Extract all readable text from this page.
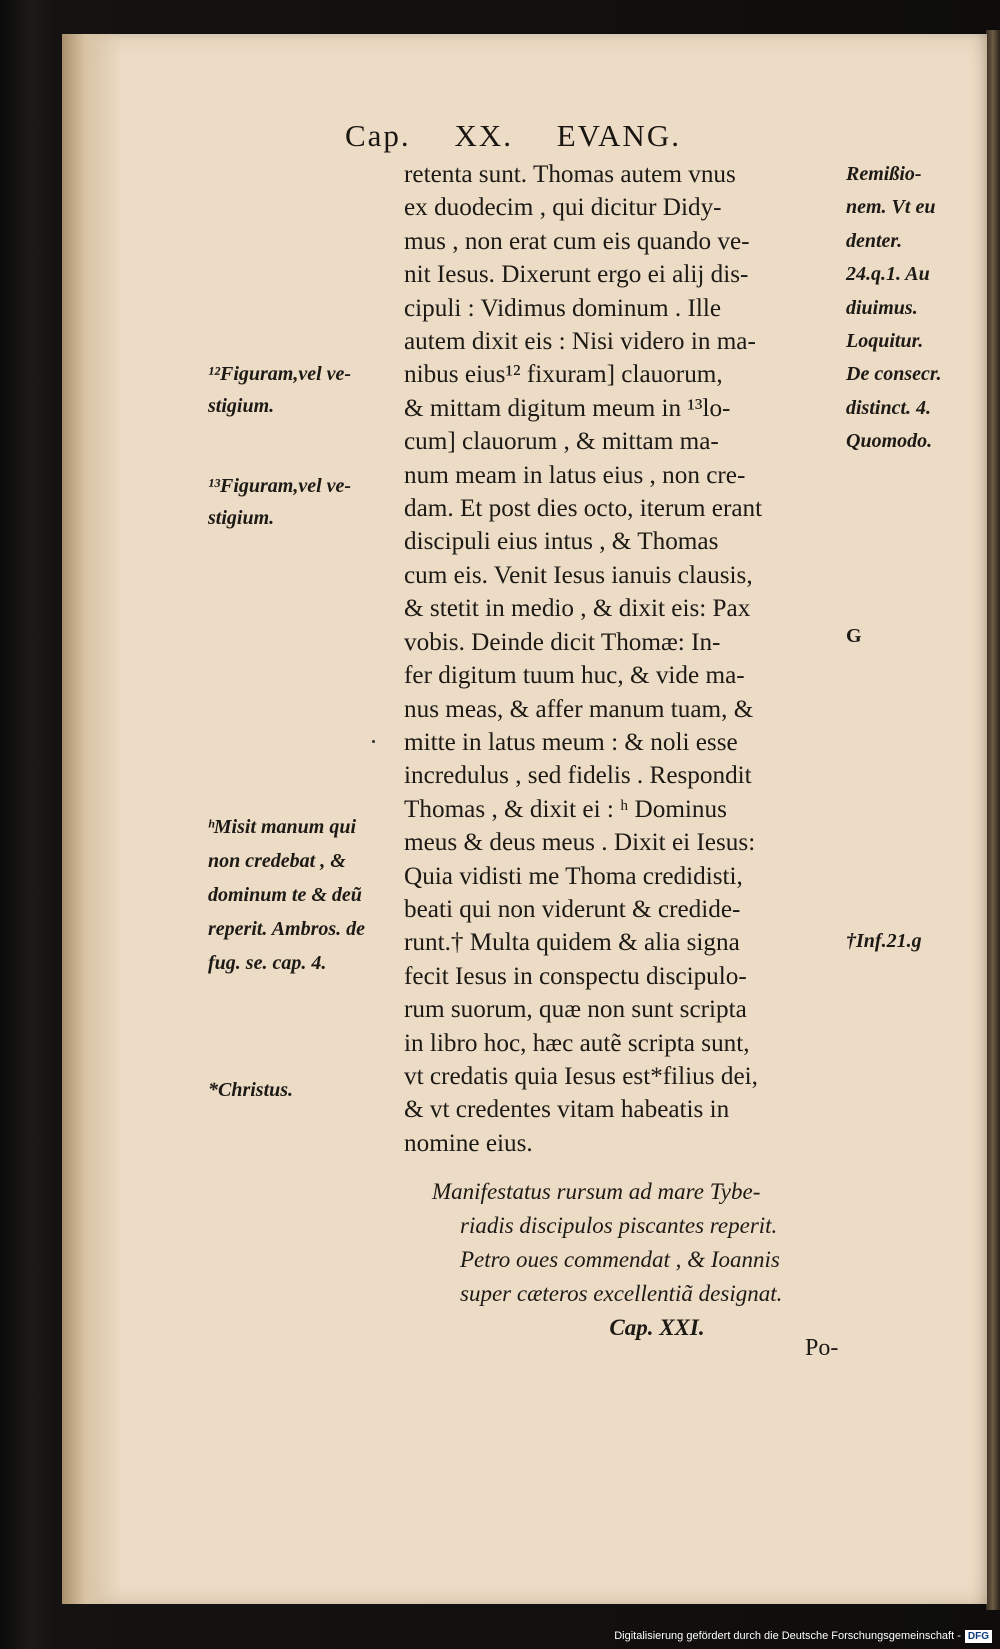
Cap. XX. EVANG.
retenta sunt. Thomas autem vnus
ex duodecim , qui dicitur Didy-
mus , non erat cum eis quando ve-
nit Iesus. Dixerunt ergo ei alij dis-
cipuli : Vidimus dominum . Ille
autem dixit eis : Nisi videro in ma-
nibus eius¹² fixuram] clauorum,
& mittam digitum meum in ¹³lo-
cum] clauorum , & mittam ma-
num meam in latus eius , non cre-
dam. Et post dies octo, iterum erant
discipuli eius intus , & Thomas
cum eis. Venit Iesus ianuis clausis,
& stetit in medio , & dixit eis: Pax
vobis. Deinde dicit Thomæ: In-
fer digitum tuum huc, & vide ma-
nus meas, & affer manum tuam, &
mitte in latus meum : & noli esse
incredulus , sed fidelis . Respondit
Thomas , & dixit ei : ʰ Dominus
meus & deus meus . Dixit ei Iesus:
Quia vidisti me Thoma credidisti,
beati qui non viderunt & credide-
runt.† Multa quidem & alia signa
fecit Iesus in conspectu discipulo-
rum suorum, quæ non sunt scripta
in libro hoc, hæc autẽ scripta sunt,
vt credatis quia Iesus est*filius dei,
& vt credentes vitam habeatis in
nomine eius.
Remißio-
nem. Vt eu
denter.
24.q.1. Au
diuimus.
Loquitur.
De consecr.
distinct. 4.
Quomodo.
G
†Inf.21.g
¹²Figuram,vel ve-
stigium.
¹³Figuram,vel ve-
stigium.
ʰMisit manum qui
non credebat , &
dominum te & deũ
reperit. Ambros. de
fug. se. cap. 4.
*Christus.
Manifestatus rursum ad mare Tybe-
riadis discipulos piscantes reperit.
Petro oues commendat , & Ioannis
super cæteros excellentiã designat.
Cap. XXI.
Po-
Digitalisierung gefördert durch die Deutsche Forschungsgemeinschaft - DFG
